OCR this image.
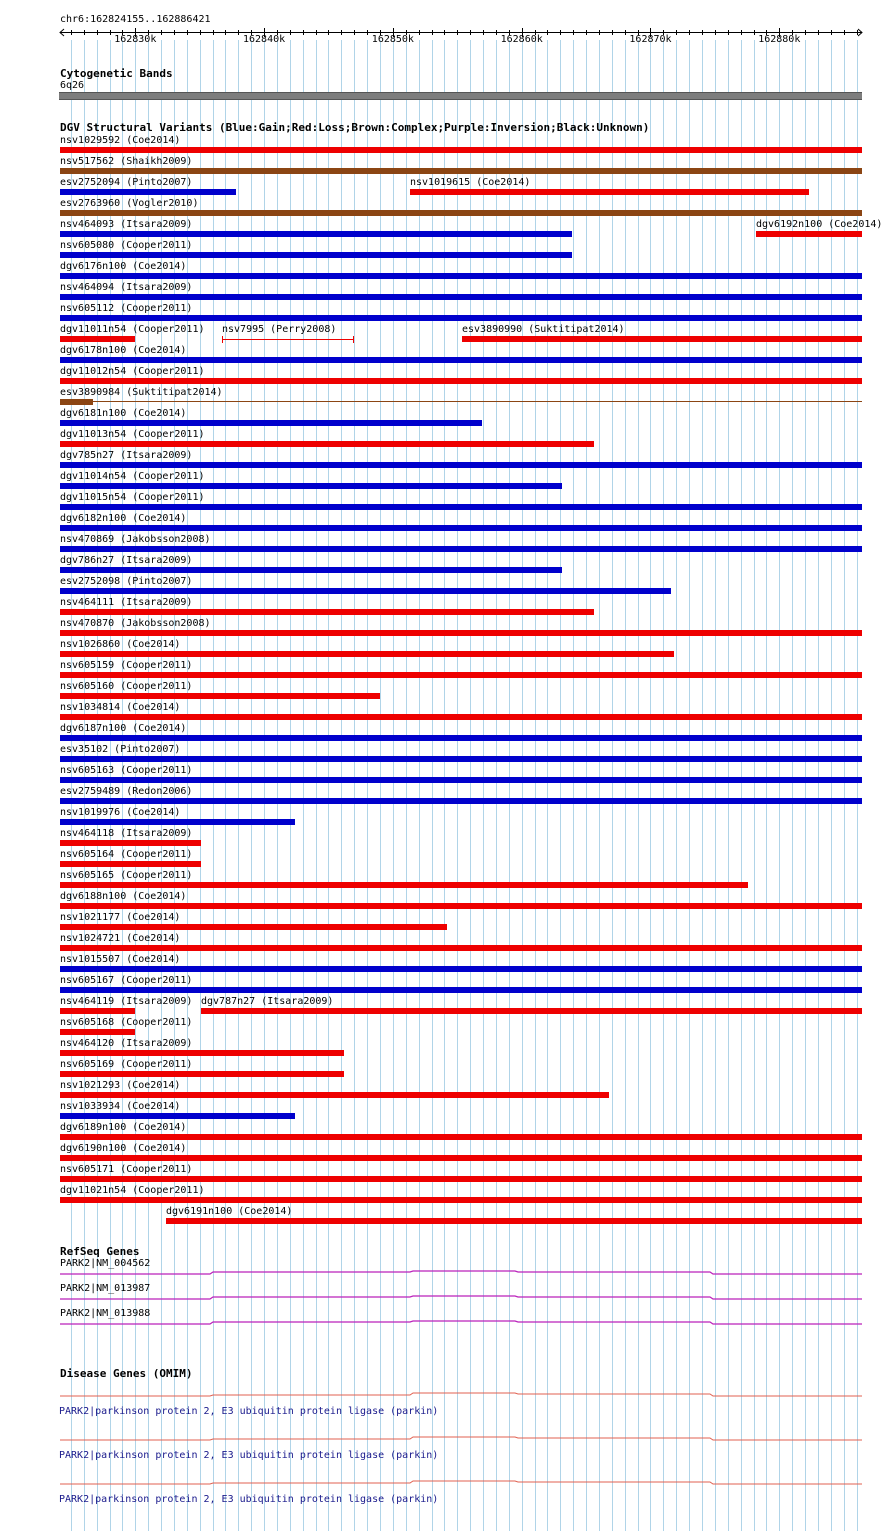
chr6:162824155..162886421
162830k	162840k	162850k	162860k	162870k	162880k
Cytogenetic Bands
6q26
DGV Structural Variants (Blue:Gain;Red:Loss;Brown:Complex;Purple:Inversion;Black:Unknown)
nsv1029592 (Coe2014)
nsv517562 (Shaikh2009)
esv2752094 (Pinto2007)	nsv1019615 (Coe2014)
esv2763960 (Vogler2010)
nsv464093 (Itsara2009)	dgv6192n100 (Coe2014)
nsv605080 (Cooper2011)
dgv6176n100 (Coe2014)
nsv464094 (Itsara2009)
nsv605112 (Cooper2011)
dgv11011n54 (Cooper2011) nsv7995 (Perry2008)	esv3890990 (Suktitipat2014)
dgv6178n100 (Coe2014)
dgv11012n54 (Cooper2011)
esv3890984 (Suktitipat2014)
dgv6181n100 (Coe2014)
dgv11013n54 (Cooper2011)
dgv785n27 (Itsara2009)
dgv11014n54 (Cooper2011)
dgv11015n54 (Cooper2011)
dgv6182n100 (Coe2014)
nsv470869 (Jakobsson2008)
dgv786n27 (Itsara2009)
esv2752098 (Pinto2007)
nsv464111 (Itsara2009)
nsv470870 (Jakobsson2008)
nsv1026860 (Coe2014)
nsv605159 (Cooper2011)
nsv605160 (Cooper2011)
nsv1034814 (Coe2014)
dgv6187n100 (Coe2014)
esv35102 (Pinto2007)
nsv605163 (Cooper2011)
esv2759489 (Redon2006)
nsv1019976 (Coe2014)
nsv464118 (Itsara2009)
nsv605164 (Cooper2011)
nsv605165 (Cooper2011)
dgv6188n100 (Coe2014)
nsv1021177 (Coe2014)
nsv1024721 (Coe2014)
nsv1015507 (Coe2014)
nsv605167 (Cooper2011)
nsv464119 (Itsara2009) dgv787n27 (Itsara2009)
nsv605168 (Cooper2011)
nsv464120 (Itsara2009)
nsv605169 (Cooper2011)
nsv1021293 (Coe2014)
nsv1033934 (Coe2014)
dgv6189n100 (Coe2014)
dgv6190n100 (Coe2014)
nsv605171 (Cooper2011)
dgv11021n54 (Cooper2011)
dgv6191n100 (Coe2014)
RefSeq Genes
PARK2|NM_004562
PARK2|NM_013987
PARK2|NM_013988
Disease Genes (OMIM)
PARK2|parkinson protein 2, E3 ubiquitin protein ligase (parkin)
PARK2|parkinson protein 2, E3 ubiquitin protein ligase (parkin)
PARK2|parkinson protein 2, E3 ubiquitin protein ligase (parkin)
